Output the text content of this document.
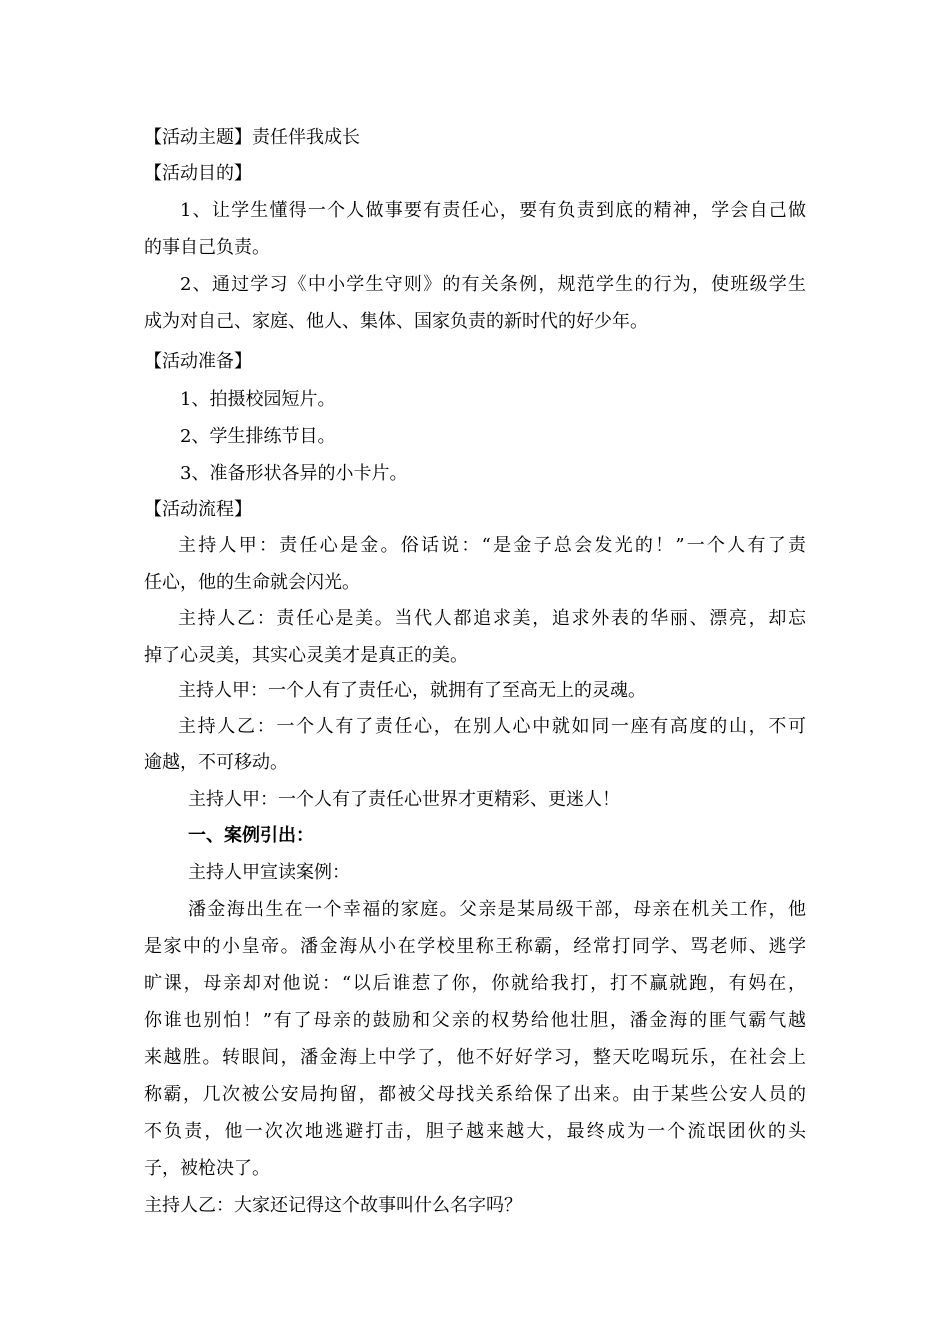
【活动主题】责任伴我成长
【活动目的】
1、让学生懂得一个人做事要有责任心，要有负责到底的精神，学会自己做
的事自己负责。
2、通过学习《中小学生守则》的有关条例，规范学生的行为，使班级学生
成为对自己、家庭、他人、集体、国家负责的新时代的好少年。
【活动准备】
1、拍摄校园短片。
2、学生排练节目。
3、准备形状各异的小卡片。
【活动流程】
主持人甲：责任心是金。俗话说：“是金子总会发光的！”一个人有了责
任心，他的生命就会闪光。
主持人乙：责任心是美。当代人都追求美，追求外表的华丽、漂亮，却忘
掉了心灵美，其实心灵美才是真正的美。
主持人甲：一个人有了责任心，就拥有了至高无上的灵魂。
主持人乙：一个人有了责任心，在别人心中就如同一座有高度的山，不可
逾越，不可移动。
主持人甲：一个人有了责任心世界才更精彩、更迷人！
一、案例引出：
主持人甲宣读案例：
潘金海出生在一个幸福的家庭。父亲是某局级干部，母亲在机关工作，他
是家中的小皇帝。潘金海从小在学校里称王称霸，经常打同学、骂老师、逃学
旷课，母亲却对他说：“以后谁惹了你，你就给我打，打不赢就跑，有妈在，
你谁也别怕！”有了母亲的鼓励和父亲的权势给他壮胆，潘金海的匪气霸气越
来越胜。转眼间，潘金海上中学了，他不好好学习，整天吃喝玩乐，在社会上
称霸，几次被公安局拘留，都被父母找关系给保了出来。由于某些公安人员的
不负责，他一次次地逃避打击，胆子越来越大，最终成为一个流氓团伙的头
子，被枪决了。
主持人乙：大家还记得这个故事叫什么名字吗？
